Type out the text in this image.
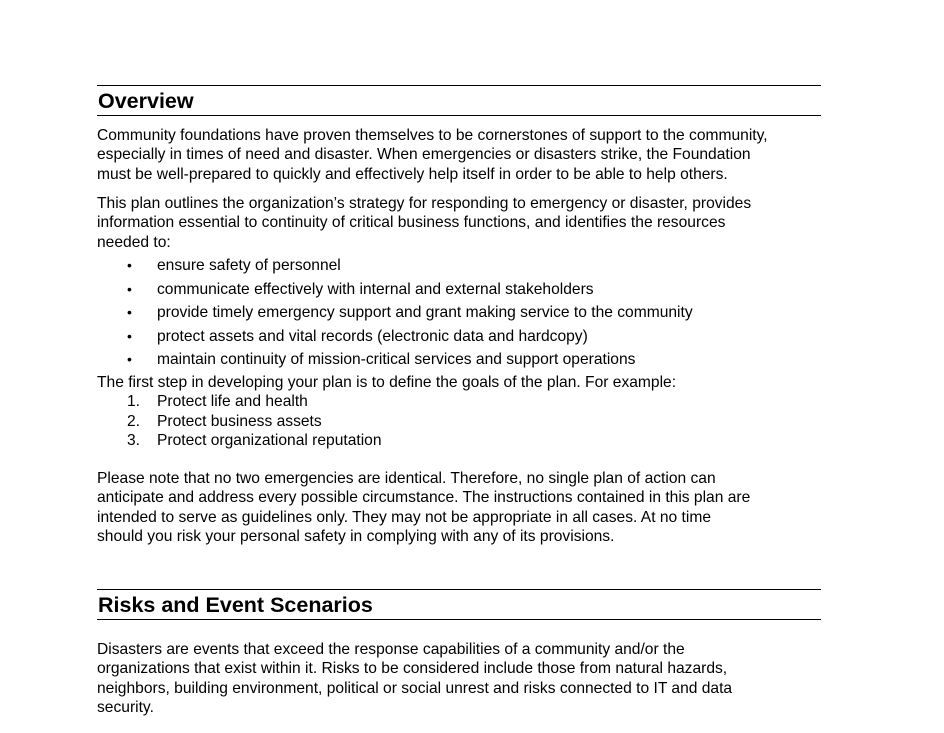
Overview

Community foundations have proven themselves to be cornerstones of support to the community,
especially in times of need and disaster. When emergencies or disasters strike, the Foundation
must be well-prepared to quickly and effectively help itself in order to be able to help others.

This plan outlines the organization’s strategy for responding to emergency or disaster, provides
information essential to continuity of critical business functions, and identifies the resources
needed to:

• ensure safety of personnel
• communicate effectively with internal and external stakeholders
• provide timely emergency support and grant making service to the community
• protect assets and vital records (electronic data and hardcopy)
• maintain continuity of mission-critical services and support operations

The first step in developing your plan is to define the goals of the plan. For example:

1. Protect life and health
2. Protect business assets
3. Protect organizational reputation

Please note that no two emergencies are identical. Therefore, no single plan of action can
anticipate and address every possible circumstance. The instructions contained in this plan are
intended to serve as guidelines only. They may not be appropriate in all cases. At no time
should you risk your personal safety in complying with any of its provisions.

Risks and Event Scenarios

Disasters are events that exceed the response capabilities of a community and/or the
organizations that exist within it. Risks to be considered include those from natural hazards,
neighbors, building environment, political or social unrest and risks connected to IT and data
security.
